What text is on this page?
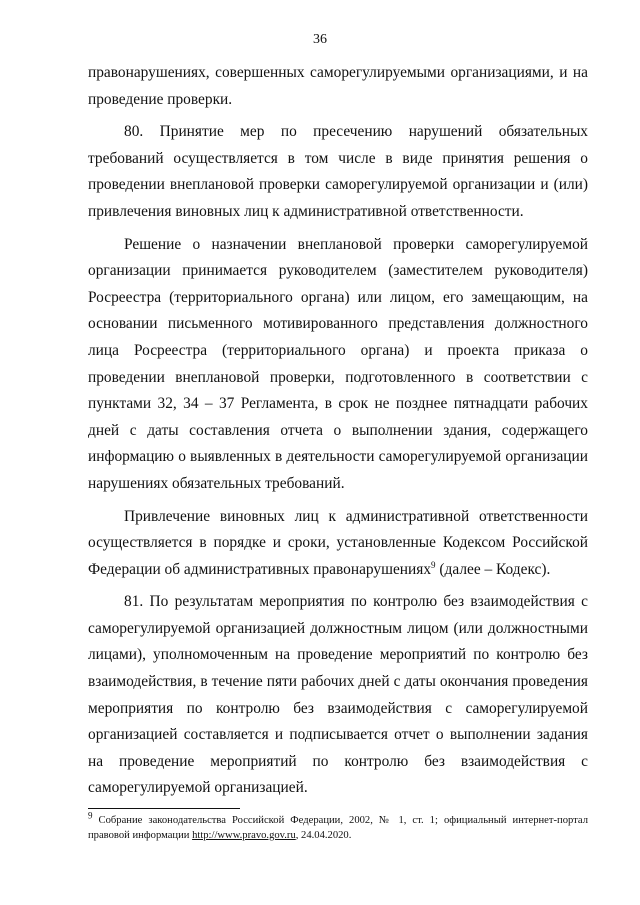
36

правонарушениях, совершенных саморегулируемыми организациями, и на проведение проверки.

80. Принятие мер по пресечению нарушений обязательных требований осуществляется в том числе в виде принятия решения о проведении внеплановой проверки саморегулируемой организации и (или) привлечения виновных лиц к административной ответственности.

Решение о назначении внеплановой проверки саморегулируемой организации принимается руководителем (заместителем руководителя) Росреестра (территориального органа) или лицом, его замещающим, на основании письменного мотивированного представления должностного лица Росреестра (территориального органа) и проекта приказа о проведении внеплановой проверки, подготовленного в соответствии с пунктами 32, 34 – 37 Регламента, в срок не позднее пятнадцати рабочих дней с даты составления отчета о выполнении здания, содержащего информацию о выявленных в деятельности саморегулируемой организации нарушениях обязательных требований.

Привлечение виновных лиц к административной ответственности осуществляется в порядке и сроки, установленные Кодексом Российской Федерации об административных правонарушениях$^9$ (далее – Кодекс).

81. По результатам мероприятия по контролю без взаимодействия с саморегулируемой организацией должностным лицом (или должностными лицами), уполномоченным на проведение мероприятий по контролю без взаимодействия, в течение пяти рабочих дней с даты окончания проведения мероприятия по контролю без взаимодействия с саморегулируемой организацией составляется и подписывается отчет о выполнении задания на проведение мероприятий по контролю без взаимодействия с саморегулируемой организацией.

$^9$ Собрание законодательства Российской Федерации, 2002, № 1, ст. 1; официальный интернет-портал правовой информации http://www.pravo.gov.ru, 24.04.2020.
